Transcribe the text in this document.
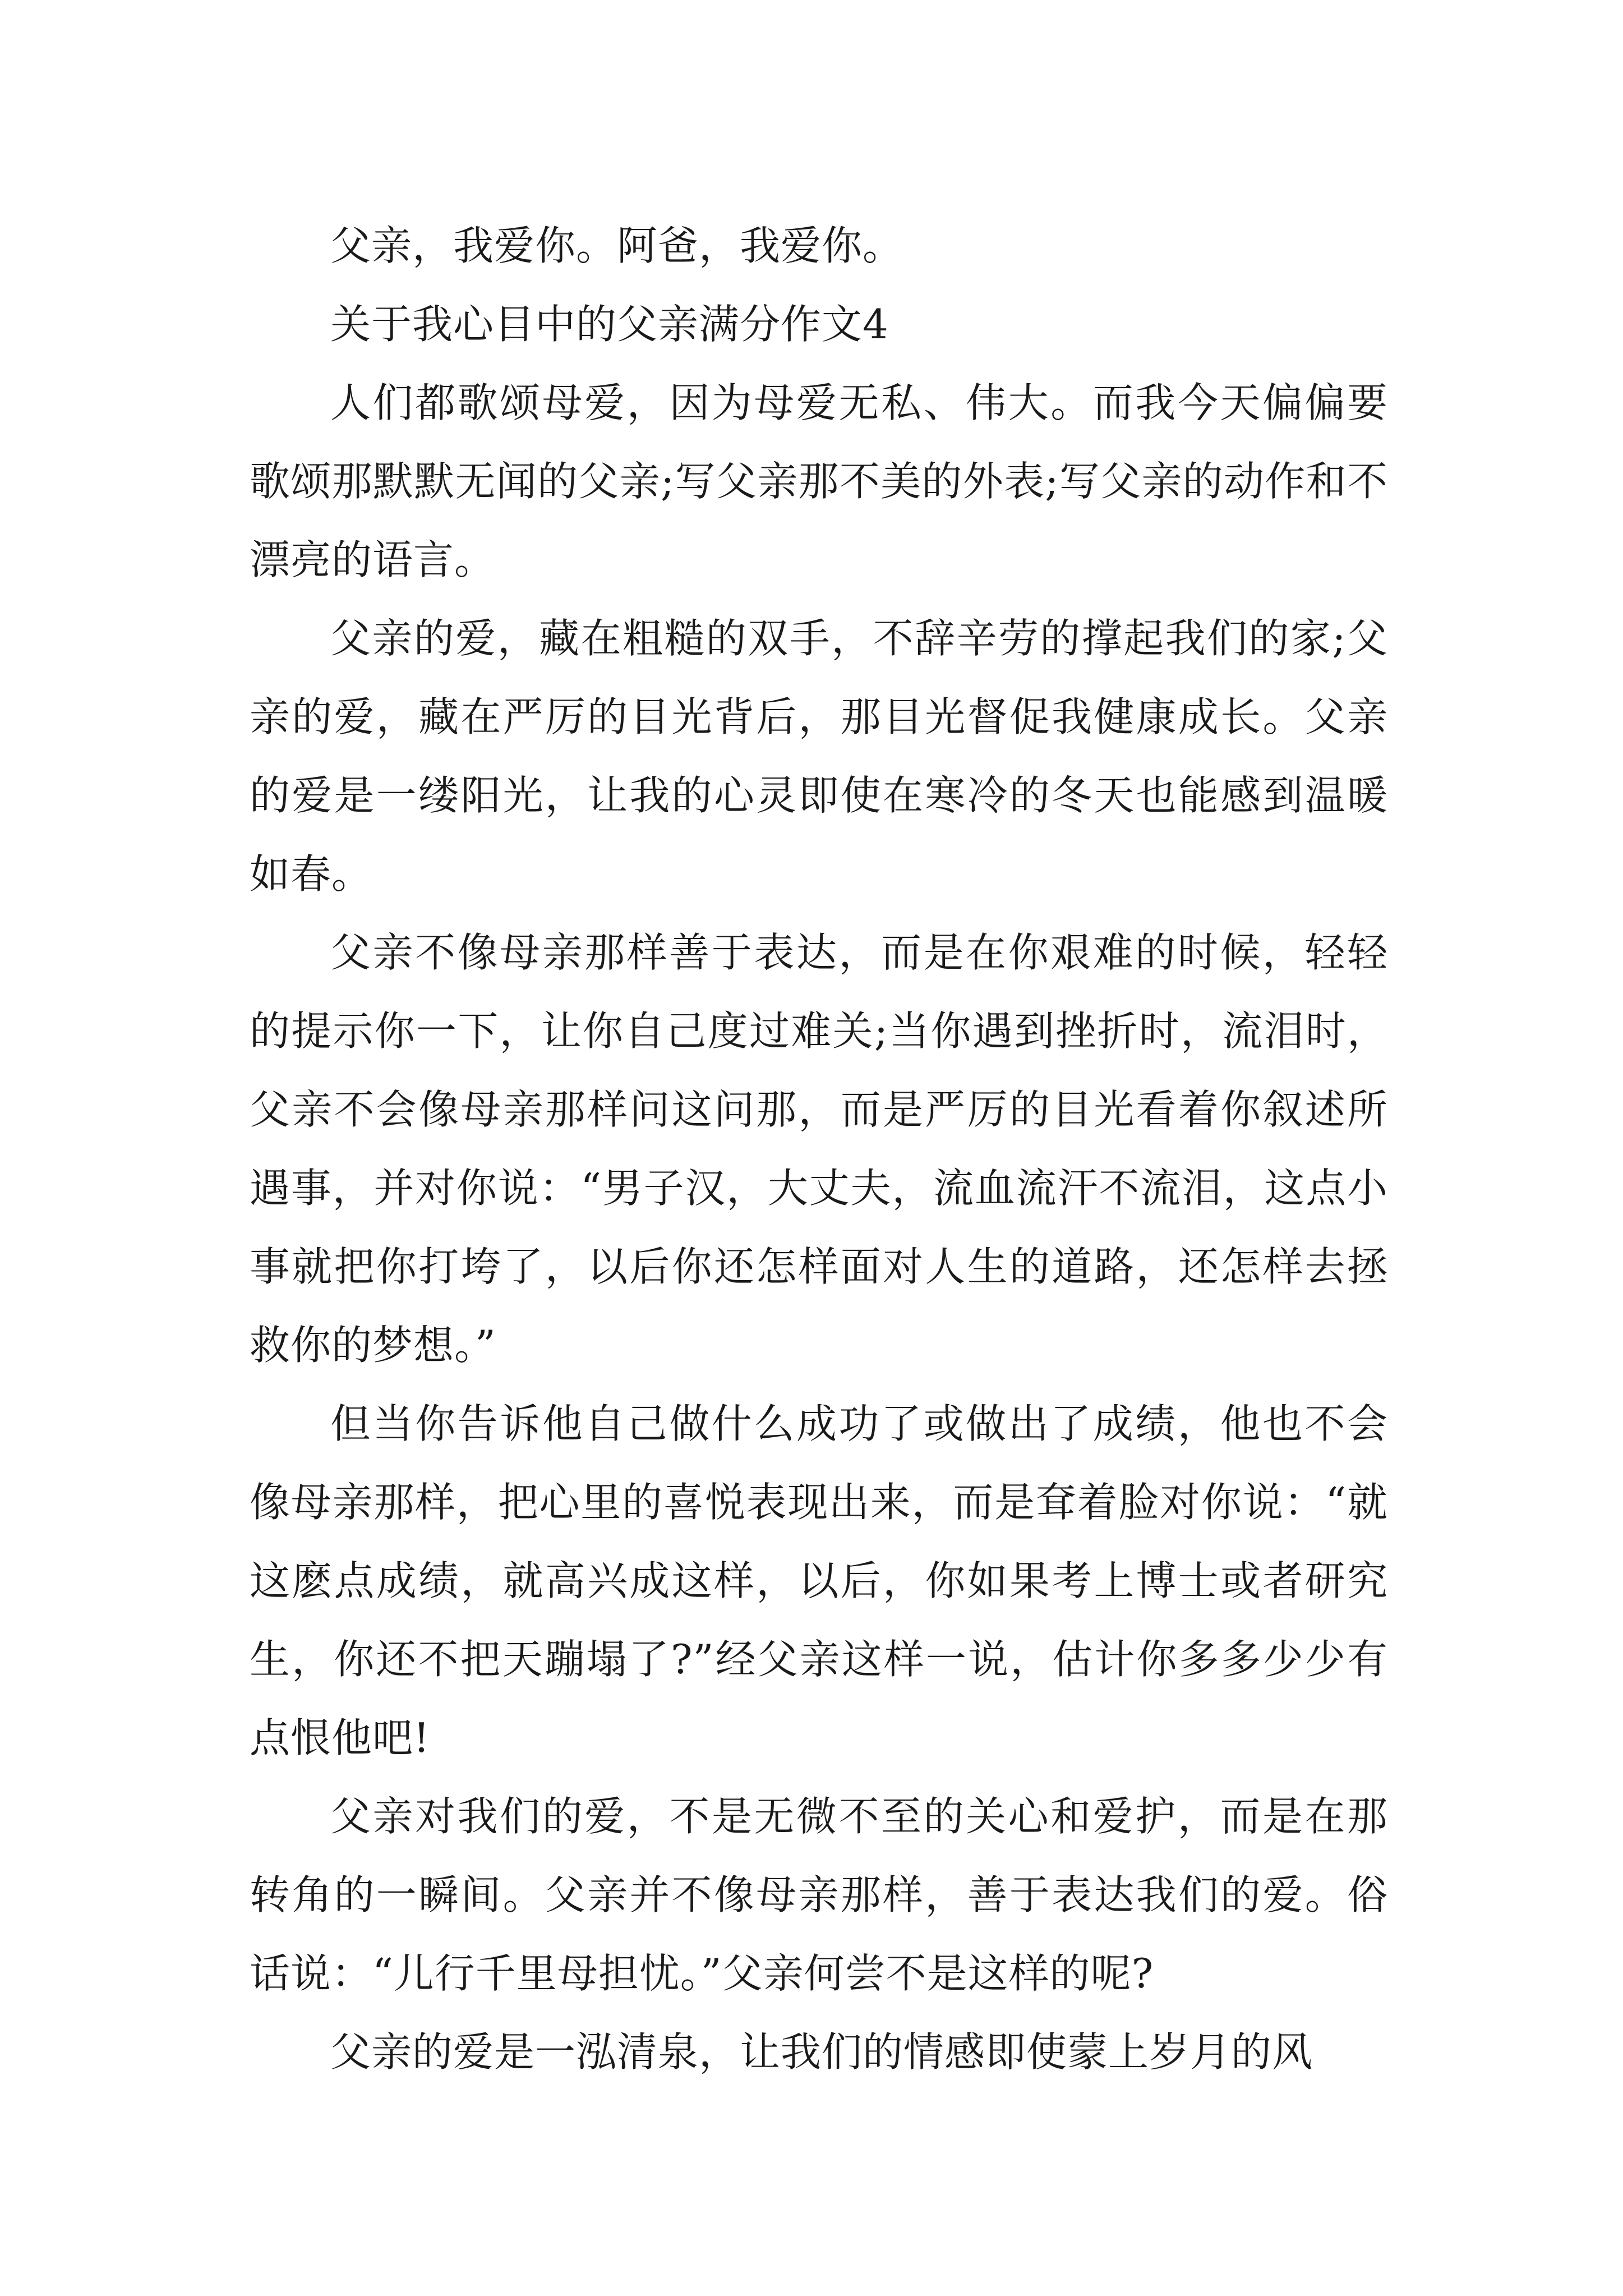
父亲，我爱你。阿爸，我爱你。

关于我心目中的父亲满分作文4

人们都歌颂母爱，因为母爱无私、伟大。而我今天偏偏要歌颂那默默无闻的父亲;写父亲那不美的外表;写父亲的动作和不漂亮的语言。

父亲的爱，藏在粗糙的双手，不辞辛劳的撑起我们的家;父亲的爱，藏在严厉的目光背后，那目光督促我健康成长。父亲的爱是一缕阳光，让我的心灵即使在寒冷的冬天也能感到温暖如春。

父亲不像母亲那样善于表达，而是在你艰难的时候，轻轻的提示你一下，让你自己度过难关;当你遇到挫折时，流泪时，父亲不会像母亲那样问这问那，而是严厉的目光看着你叙述所遇事，并对你说：“男子汉，大丈夫，流血流汗不流泪，这点小事就把你打垮了，以后你还怎样面对人生的道路，还怎样去拯救你的梦想。”

但当你告诉他自己做什么成功了或做出了成绩，他也不会像母亲那样，把心里的喜悦表现出来，而是耷着脸对你说：“就这麽点成绩，就高兴成这样，以后，你如果考上博士或者研究生，你还不把天蹦塌了?”经父亲这样一说，估计你多多少少有点恨他吧!

父亲对我们的爱，不是无微不至的关心和爱护，而是在那转角的一瞬间。父亲并不像母亲那样，善于表达我们的爱。俗话说：“儿行千里母担忧。”父亲何尝不是这样的呢?

父亲的爱是一泓清泉，让我们的情感即使蒙上岁月的风
